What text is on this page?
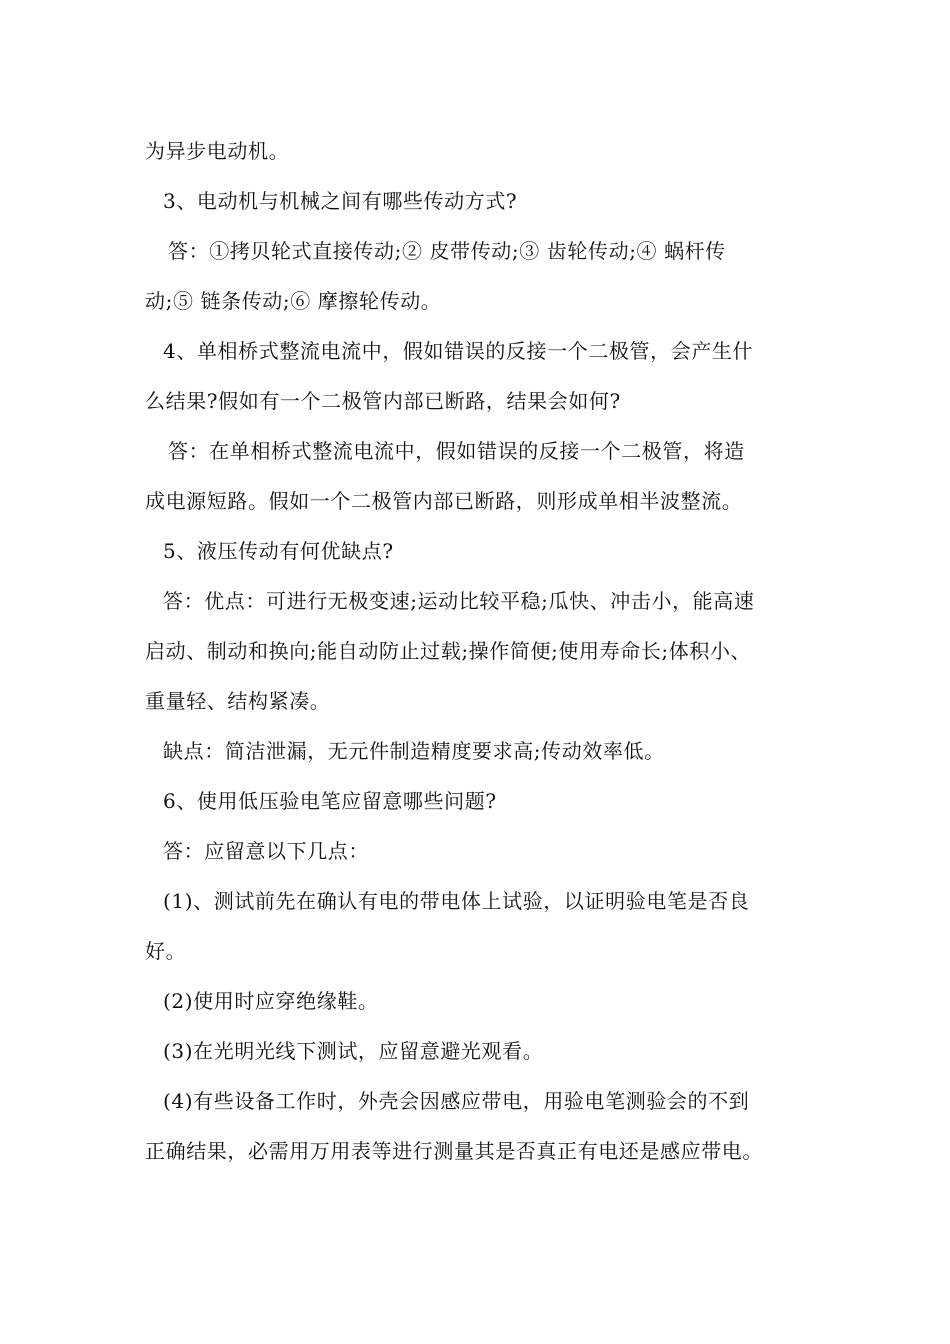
为异步电动机。
3、电动机与机械之间有哪些传动方式?
答：①拷贝轮式直接传动;② 皮带传动;③ 齿轮传动;④ 蜗杆传
动;⑤ 链条传动;⑥ 摩擦轮传动。
4、单相桥式整流电流中，假如错误的反接一个二极管，会产生什
么结果?假如有一个二极管内部已断路，结果会如何?
答：在单相桥式整流电流中，假如错误的反接一个二极管，将造
成电源短路。假如一个二极管内部已断路，则形成单相半波整流。
5、液压传动有何优缺点?
答：优点：可进行无极变速;运动比较平稳;瓜快、冲击小，能高速
启动、制动和换向;能自动防止过载;操作简便;使用寿命长;体积小、
重量轻、结构紧凑。
缺点：简洁泄漏，无元件制造精度要求高;传动效率低。
6、使用低压验电笔应留意哪些问题?
答：应留意以下几点：
(1)、测试前先在确认有电的带电体上试验，以证明验电笔是否良
好。
(2)使用时应穿绝缘鞋。
(3)在光明光线下测试，应留意避光观看。
(4)有些设备工作时，外壳会因感应带电，用验电笔测验会的不到
正确结果，必需用万用表等进行测量其是否真正有电还是感应带电。
